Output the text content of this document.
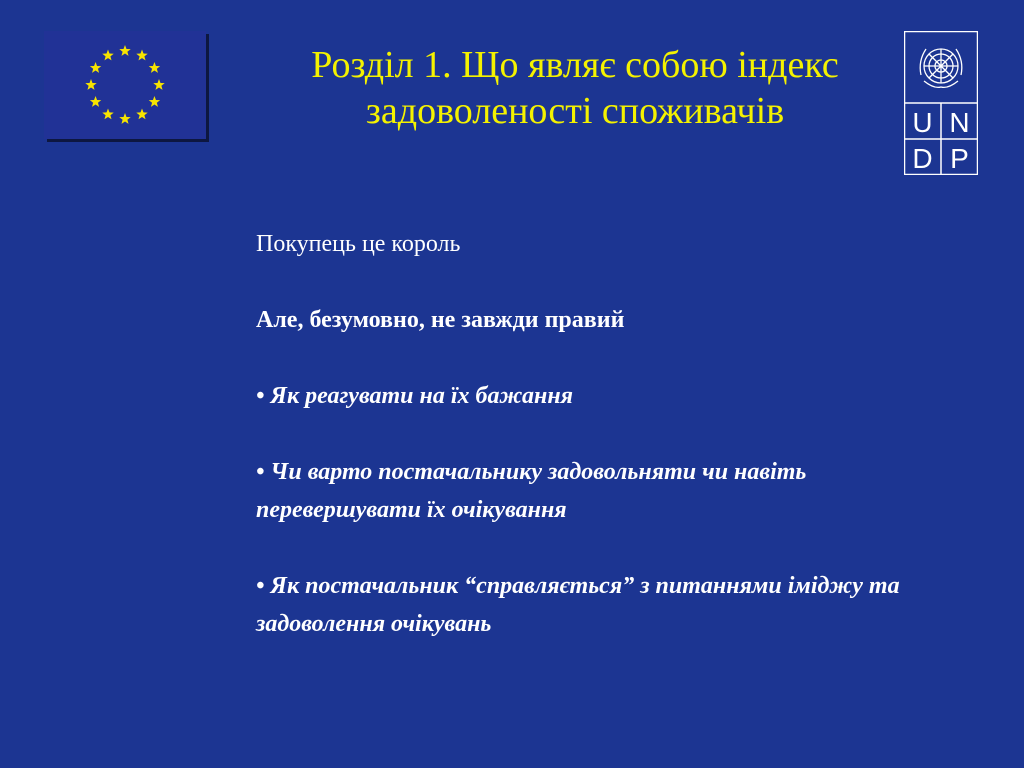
Розділ 1. Що являє собою індекс задоволеності споживачів	U N
D P

Покупець це король

Але, безумовно, не завжди правий

• Як реагувати на їх бажання

• Чи варто постачальнику задовольняти чи навіть перевершувати їх очікування

• Як постачальник “справляється” з питаннями іміджу та задоволення очікувань
